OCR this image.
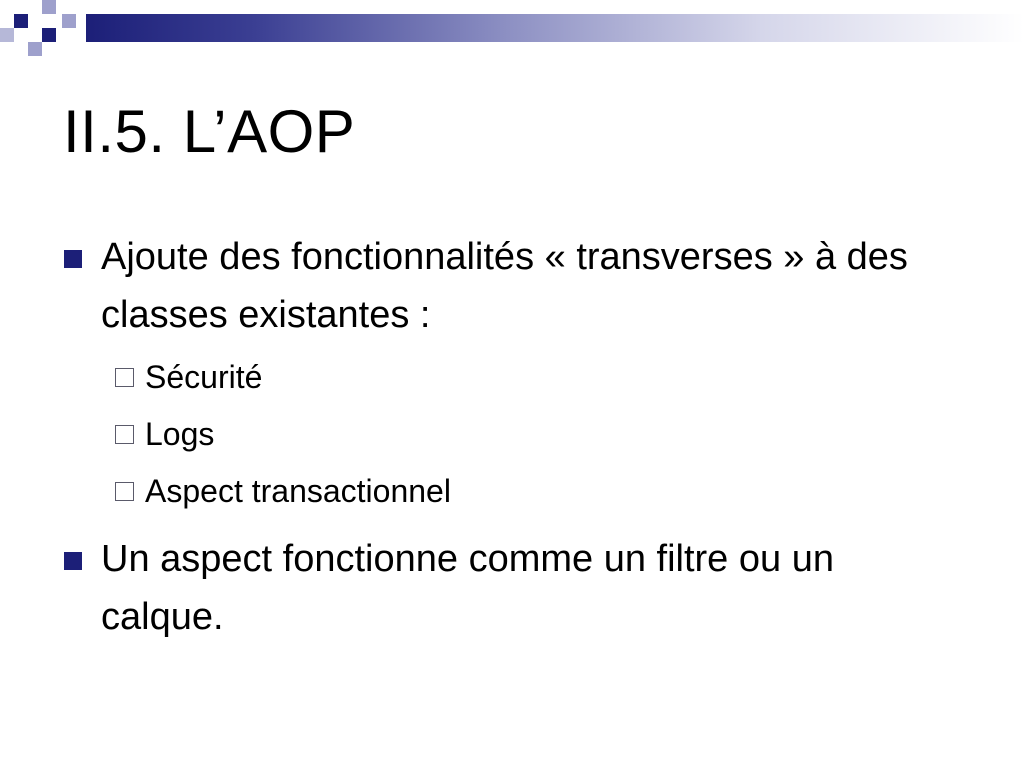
II.5. L’AOP
Ajoute des fonctionnalités « transverses » à des classes existantes :
Sécurité
Logs
Aspect transactionnel
Un aspect fonctionne comme un filtre ou un calque.
